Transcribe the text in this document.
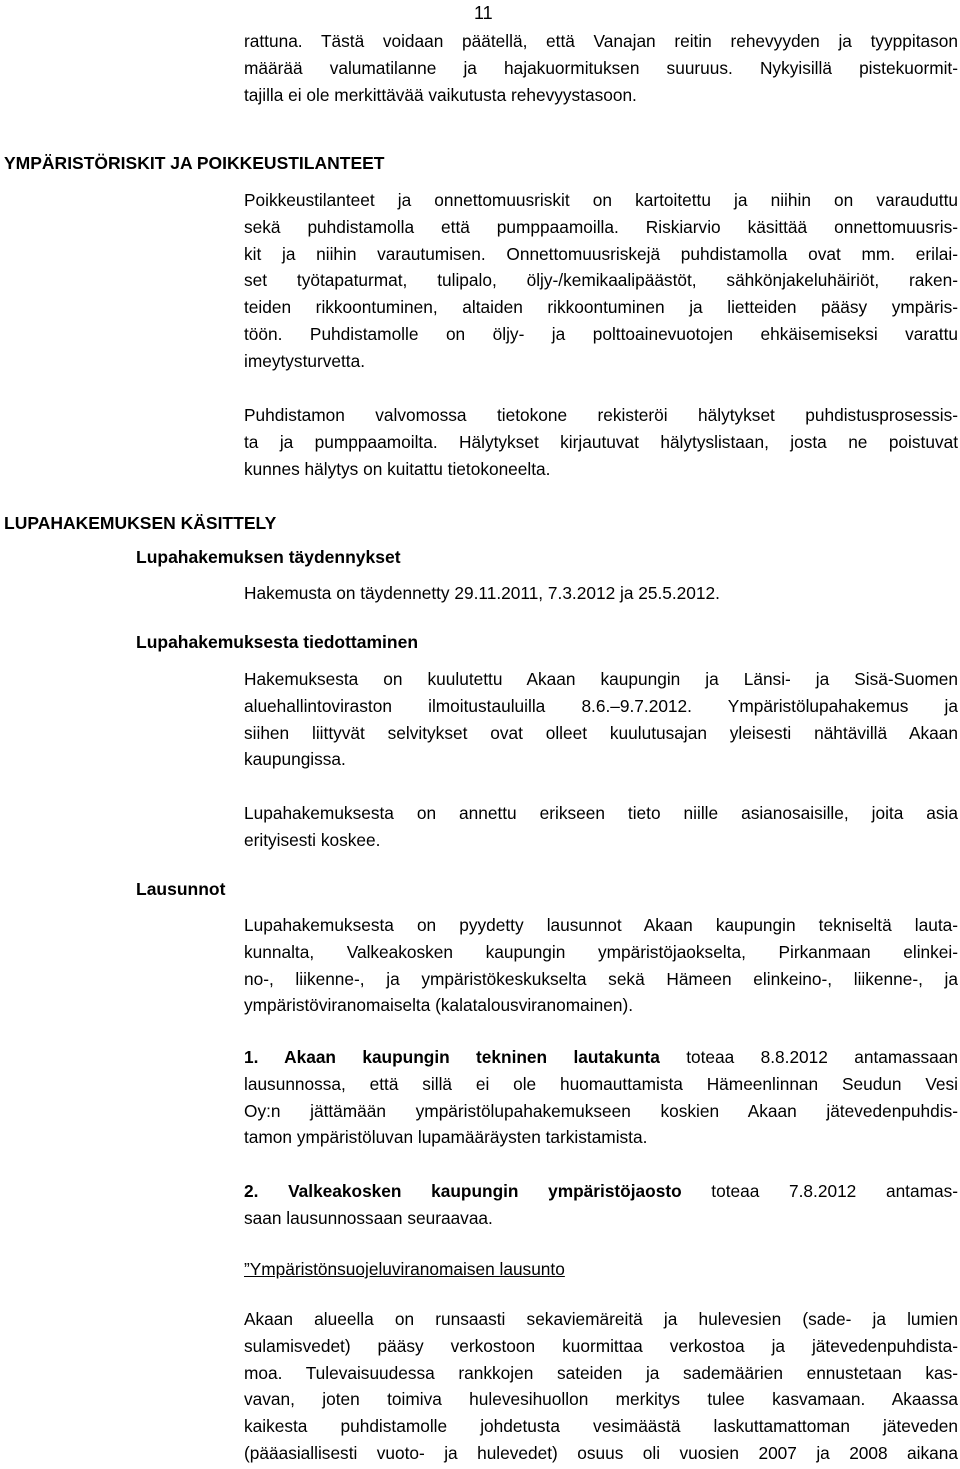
11
rattuna. Tästä voidaan päätellä, että Vanajan reitin rehevyyden ja tyyppitason
määrää valumatilanne ja hajakuormituksen suuruus. Nykyisillä pistekuormit-
tajilla ei ole merkittävää vaikutusta rehevyystasoon.
YMPÄRISTÖRISKIT JA POIKKEUSTILANTEET
Poikkeustilanteet ja onnettomuusriskit on kartoitettu ja niihin on varauduttu
sekä puhdistamolla että pumppaamoilla. Riskiarvio käsittää onnettomuusris-
kit ja niihin varautumisen. Onnettomuusriskejä puhdistamolla ovat mm. erilai-
set työtapaturmat, tulipalo, öljy-/kemikaalipäästöt, sähkönjakeluhäiriöt, raken-
teiden rikkoontuminen, altaiden rikkoontuminen ja lietteiden pääsy ympäris-
töön. Puhdistamolle on öljy- ja polttoainevuotojen ehkäisemiseksi varattu
imeytysturvetta.
Puhdistamon valvomossa tietokone rekisteröi hälytykset puhdistusprosessis-
ta ja pumppaamoilta. Hälytykset kirjautuvat hälytyslistaan, josta ne poistuvat
kunnes hälytys on kuitattu tietokoneelta.
LUPAHAKEMUKSEN KÄSITTELY
Lupahakemuksen täydennykset
Hakemusta on täydennetty 29.11.2011, 7.3.2012 ja 25.5.2012.
Lupahakemuksesta tiedottaminen
Hakemuksesta on kuulutettu Akaan kaupungin ja Länsi- ja Sisä-Suomen
aluehallintoviraston ilmoitustauluilla 8.6.–9.7.2012. Ympäristölupahakemus ja
siihen liittyvät selvitykset ovat olleet kuulutusajan yleisesti nähtävillä Akaan
kaupungissa.
Lupahakemuksesta on annettu erikseen tieto niille asianosaisille, joita asia
erityisesti koskee.
Lausunnot
Lupahakemuksesta on pyydetty lausunnot Akaan kaupungin tekniseltä lauta-
kunnalta, Valkeakosken kaupungin ympäristöjaokselta, Pirkanmaan elinkei-
no-, liikenne-, ja ympäristökeskukselta sekä Hämeen elinkeino-, liikenne-, ja
ympäristöviranomaiselta (kalatalousviranomainen).
1. Akaan kaupungin tekninen lautakunta toteaa 8.8.2012 antamassaan
lausunnossa, että sillä ei ole huomauttamista Hämeenlinnan Seudun Vesi
Oy:n jättämään ympäristölupahakemukseen koskien Akaan jätevedenpuhdis-
tamon ympäristöluvan lupamääräysten tarkistamista.
2. Valkeakosken kaupungin ympäristöjaosto toteaa 7.8.2012 antamas-
saan lausunnossaan seuraavaa.
”Ympäristönsuojeluviranomaisen lausunto
Akaan alueella on runsaasti sekaviemäreitä ja hulevesien (sade- ja lumien
sulamisvedet) pääsy verkostoon kuormittaa verkostoa ja jätevedenpuhdista-
moa. Tulevaisuudessa rankkojen sateiden ja sademäärien ennustetaan kas-
vavan, joten toimiva hulevesihuollon merkitys tulee kasvamaan. Akaassa
kaikesta puhdistamolle johdetusta vesimäästä laskuttamattoman jäteveden
(pääasiallisesti vuoto- ja hulevedet) osuus oli vuosien 2007 ja 2008 aikana
